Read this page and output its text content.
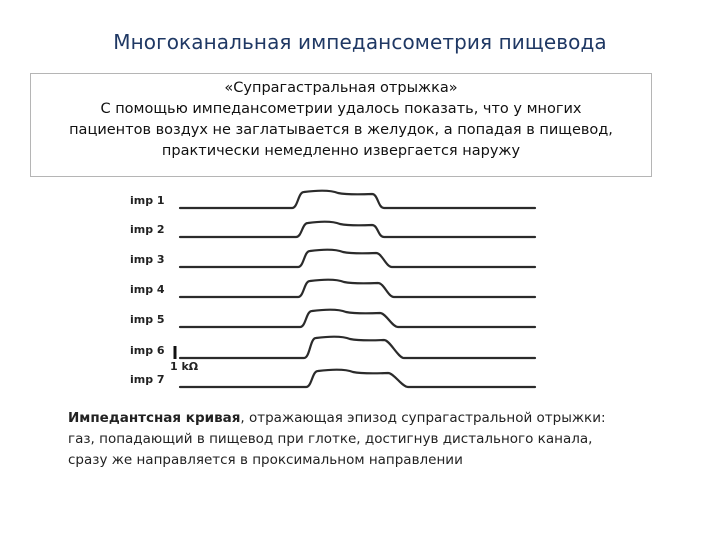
Многоканальная импедансометрия пищевода
«Супрагастральная отрыжка»
С помощью импедансометрии удалось показать, что у многих
пациентов воздух не заглатывается в желудок, а попадая в пищевод,
практически немедленно извергается наружу
imp 1
imp 2
imp 3
imp 4
imp 5
imp 6
imp 7
1 kΩ
Импедантсная кривая, отражающая эпизод супрагастральной отрыжки:
газ, попадающий в пищевод при глотке, достигнув дистального канала,
сразу же направляется в проксимальном направлении
